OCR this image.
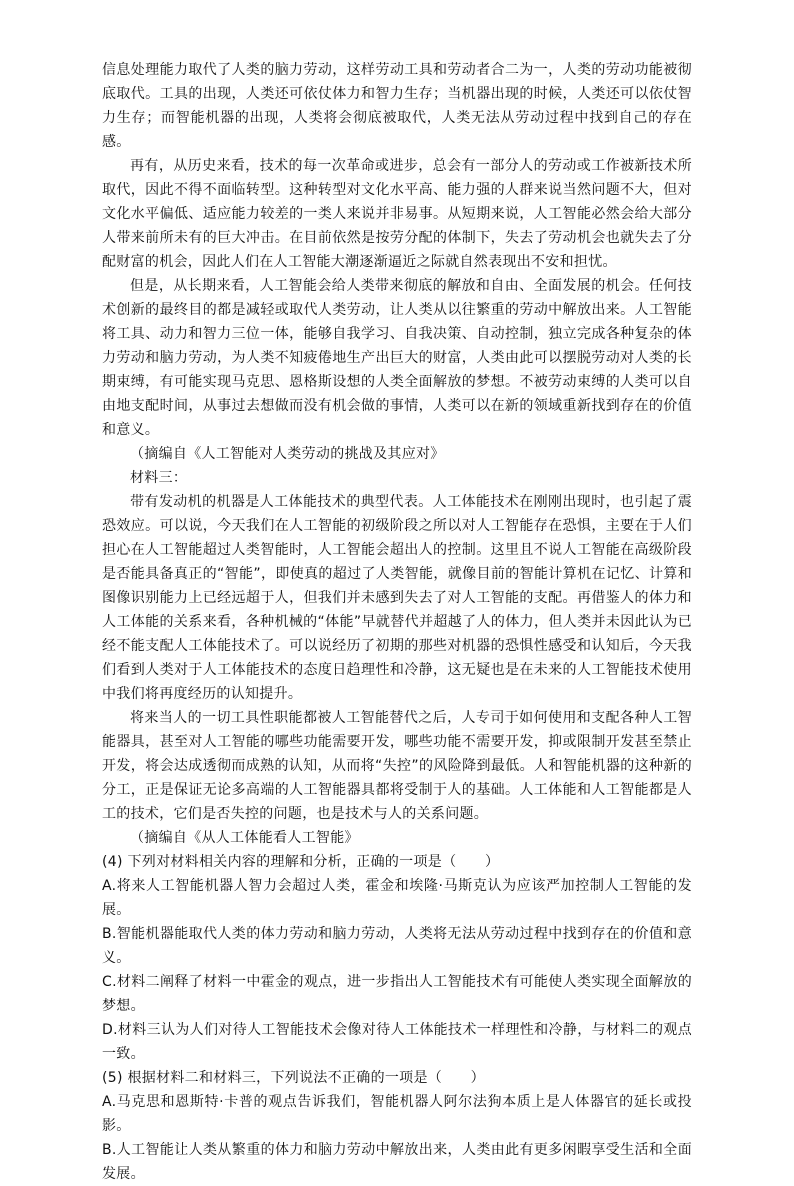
信息处理能力取代了人类的脑力劳动，这样劳动工具和劳动者合二为一，人类的劳动功能被彻底取代。工具的出现，人类还可依仗体力和智力生存；当机器出现的时候，人类还可以依仗智力生存；而智能机器的出现，人类将会彻底被取代，人类无法从劳动过程中找到自己的存在感。

再有，从历史来看，技术的每一次革命或进步，总会有一部分人的劳动或工作被新技术所取代，因此不得不面临转型。这种转型对文化水平高、能力强的人群来说当然问题不大，但对文化水平偏低、适应能力较差的一类人来说并非易事。从短期来说，人工智能必然会给大部分人带来前所未有的巨大冲击。在目前依然是按劳分配的体制下，失去了劳动机会也就失去了分配财富的机会，因此人们在人工智能大潮逐渐逼近之际就自然表现出不安和担忧。

但是，从长期来看，人工智能会给人类带来彻底的解放和自由、全面发展的机会。任何技术创新的最终目的都是减轻或取代人类劳动，让人类从以往繁重的劳动中解放出来。人工智能将工具、动力和智力三位一体，能够自我学习、自我决策、自动控制，独立完成各种复杂的体力劳动和脑力劳动，为人类不知疲倦地生产出巨大的财富，人类由此可以摆脱劳动对人类的长期束缚，有可能实现马克思、恩格斯设想的人类全面解放的梦想。不被劳动束缚的人类可以自由地支配时间，从事过去想做而没有机会做的事情，人类可以在新的领域重新找到存在的价值和意义。

（摘编自《人工智能对人类劳动的挑战及其应对》

材料三：

带有发动机的机器是人工体能技术的典型代表。人工体能技术在刚刚出现时，也引起了震恐效应。可以说，今天我们在人工智能的初级阶段之所以对人工智能存在恐惧，主要在于人们担心在人工智能超过人类智能时，人工智能会超出人的控制。这里且不说人工智能在高级阶段是否能具备真正的“智能”，即使真的超过了人类智能，就像目前的智能计算机在记忆、计算和图像识别能力上已经远超于人，但我们并未感到失去了对人工智能的支配。再借鉴人的体力和人工体能的关系来看，各种机械的“体能”早就替代并超越了人的体力，但人类并未因此认为已经不能支配人工体能技术了。可以说经历了初期的那些对机器的恐惧性感受和认知后，今天我们看到人类对于人工体能技术的态度日趋理性和冷静，这无疑也是在未来的人工智能技术使用中我们将再度经历的认知提升。

将来当人的一切工具性职能都被人工智能替代之后，人专司于如何使用和支配各种人工智能器具，甚至对人工智能的哪些功能需要开发，哪些功能不需要开发，抑或限制开发甚至禁止开发，将会达成透彻而成熟的认知，从而将“失控”的风险降到最低。人和智能机器的这种新的分工，正是保证无论多高端的人工智能器具都将受制于人的基础。人工体能和人工智能都是人工的技术，它们是否失控的问题，也是技术与人的关系问题。

（摘编自《从人工体能看人工智能》

(4) 下列对材料相关内容的理解和分析，正确的一项是（　　）

A.将来人工智能机器人智力会超过人类，霍金和埃隆·马斯克认为应该严加控制人工智能的发展。

B.智能机器能取代人类的体力劳动和脑力劳动，人类将无法从劳动过程中找到存在的价值和意义。

C.材料二阐释了材料一中霍金的观点，进一步指出人工智能技术有可能使人类实现全面解放的梦想。

D.材料三认为人们对待人工智能技术会像对待人工体能技术一样理性和冷静，与材料二的观点一致。

(5) 根据材料二和材料三，下列说法不正确的一项是（　　）

A.马克思和恩斯特·卡普的观点告诉我们，智能机器人阿尔法狗本质上是人体器官的延长或投影。

B.人工智能让人类从繁重的体力和脑力劳动中解放出来，人类由此有更多闲暇享受生活和全面发展。
